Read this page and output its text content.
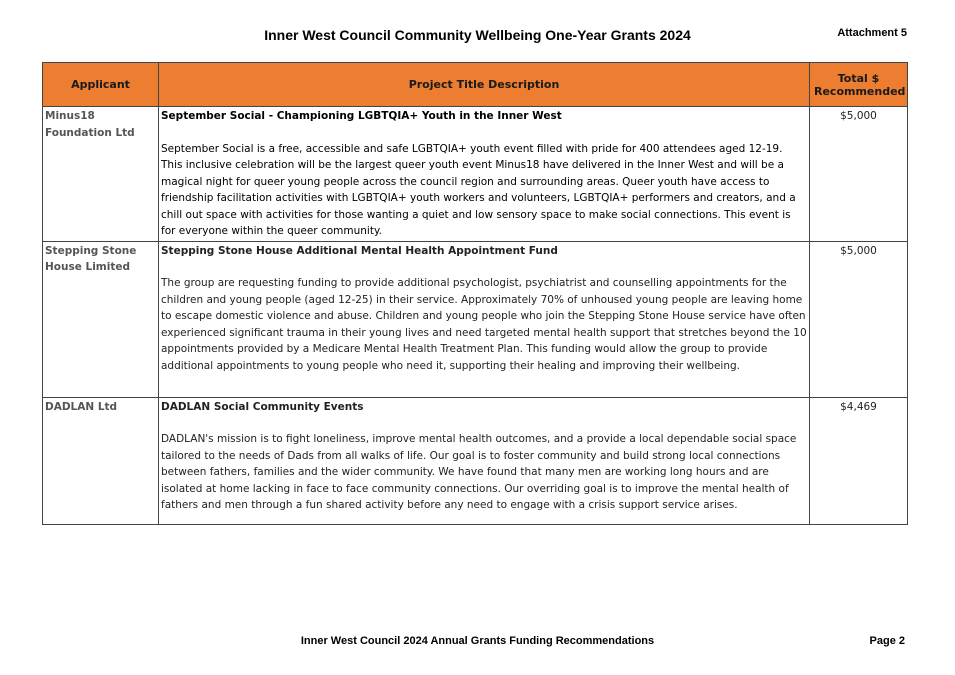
Inner West Council Community Wellbeing One-Year Grants 2024	Attachment 5
Applicant	Project Title Description	Total $
Recommended
Minus18 Foundation Ltd	September Social - Championing LGBTQIA+ Youth in the Inner West
September Social is a free, accessible and safe LGBTQIA+ youth event filled with pride for 400 attendees aged 12-19. This inclusive celebration will be the largest queer youth event Minus18 have delivered in the Inner West and will be a magical night for queer young people across the council region and surrounding areas. Queer youth have access to friendship facilitation activities with LGBTQIA+ youth workers and volunteers, LGBTQIA+ performers and creators, and a chill out space with activities for those wanting a quiet and low sensory space to make social connections. This event is for everyone within the queer community.	$5,000
Stepping Stone House Limited	Stepping Stone House Additional Mental Health Appointment Fund
The group are requesting funding to provide additional psychologist, psychiatrist and counselling appointments for the children and young people (aged 12-25) in their service. Approximately 70% of unhoused young people are leaving home to escape domestic violence and abuse. Children and young people who join the Stepping Stone House service have often experienced significant trauma in their young lives and need targeted mental health support that stretches beyond the 10 appointments provided by a Medicare Mental Health Treatment Plan. This funding would allow the group to provide additional appointments to young people who need it, supporting their healing and improving their wellbeing.	$5,000
DADLAN Ltd	DADLAN Social Community Events
DADLAN's mission is to fight loneliness, improve mental health outcomes, and a provide a local dependable social space tailored to the needs of Dads from all walks of life. Our goal is to foster community and build strong local connections between fathers, families and the wider community. We have found that many men are working long hours and are isolated at home lacking in face to face community connections. Our overriding goal is to improve the mental health of fathers and men through a fun shared activity before any need to engage with a crisis support service arises.	$4,469
Inner West Council 2024 Annual Grants Funding Recommendations	Page 2
